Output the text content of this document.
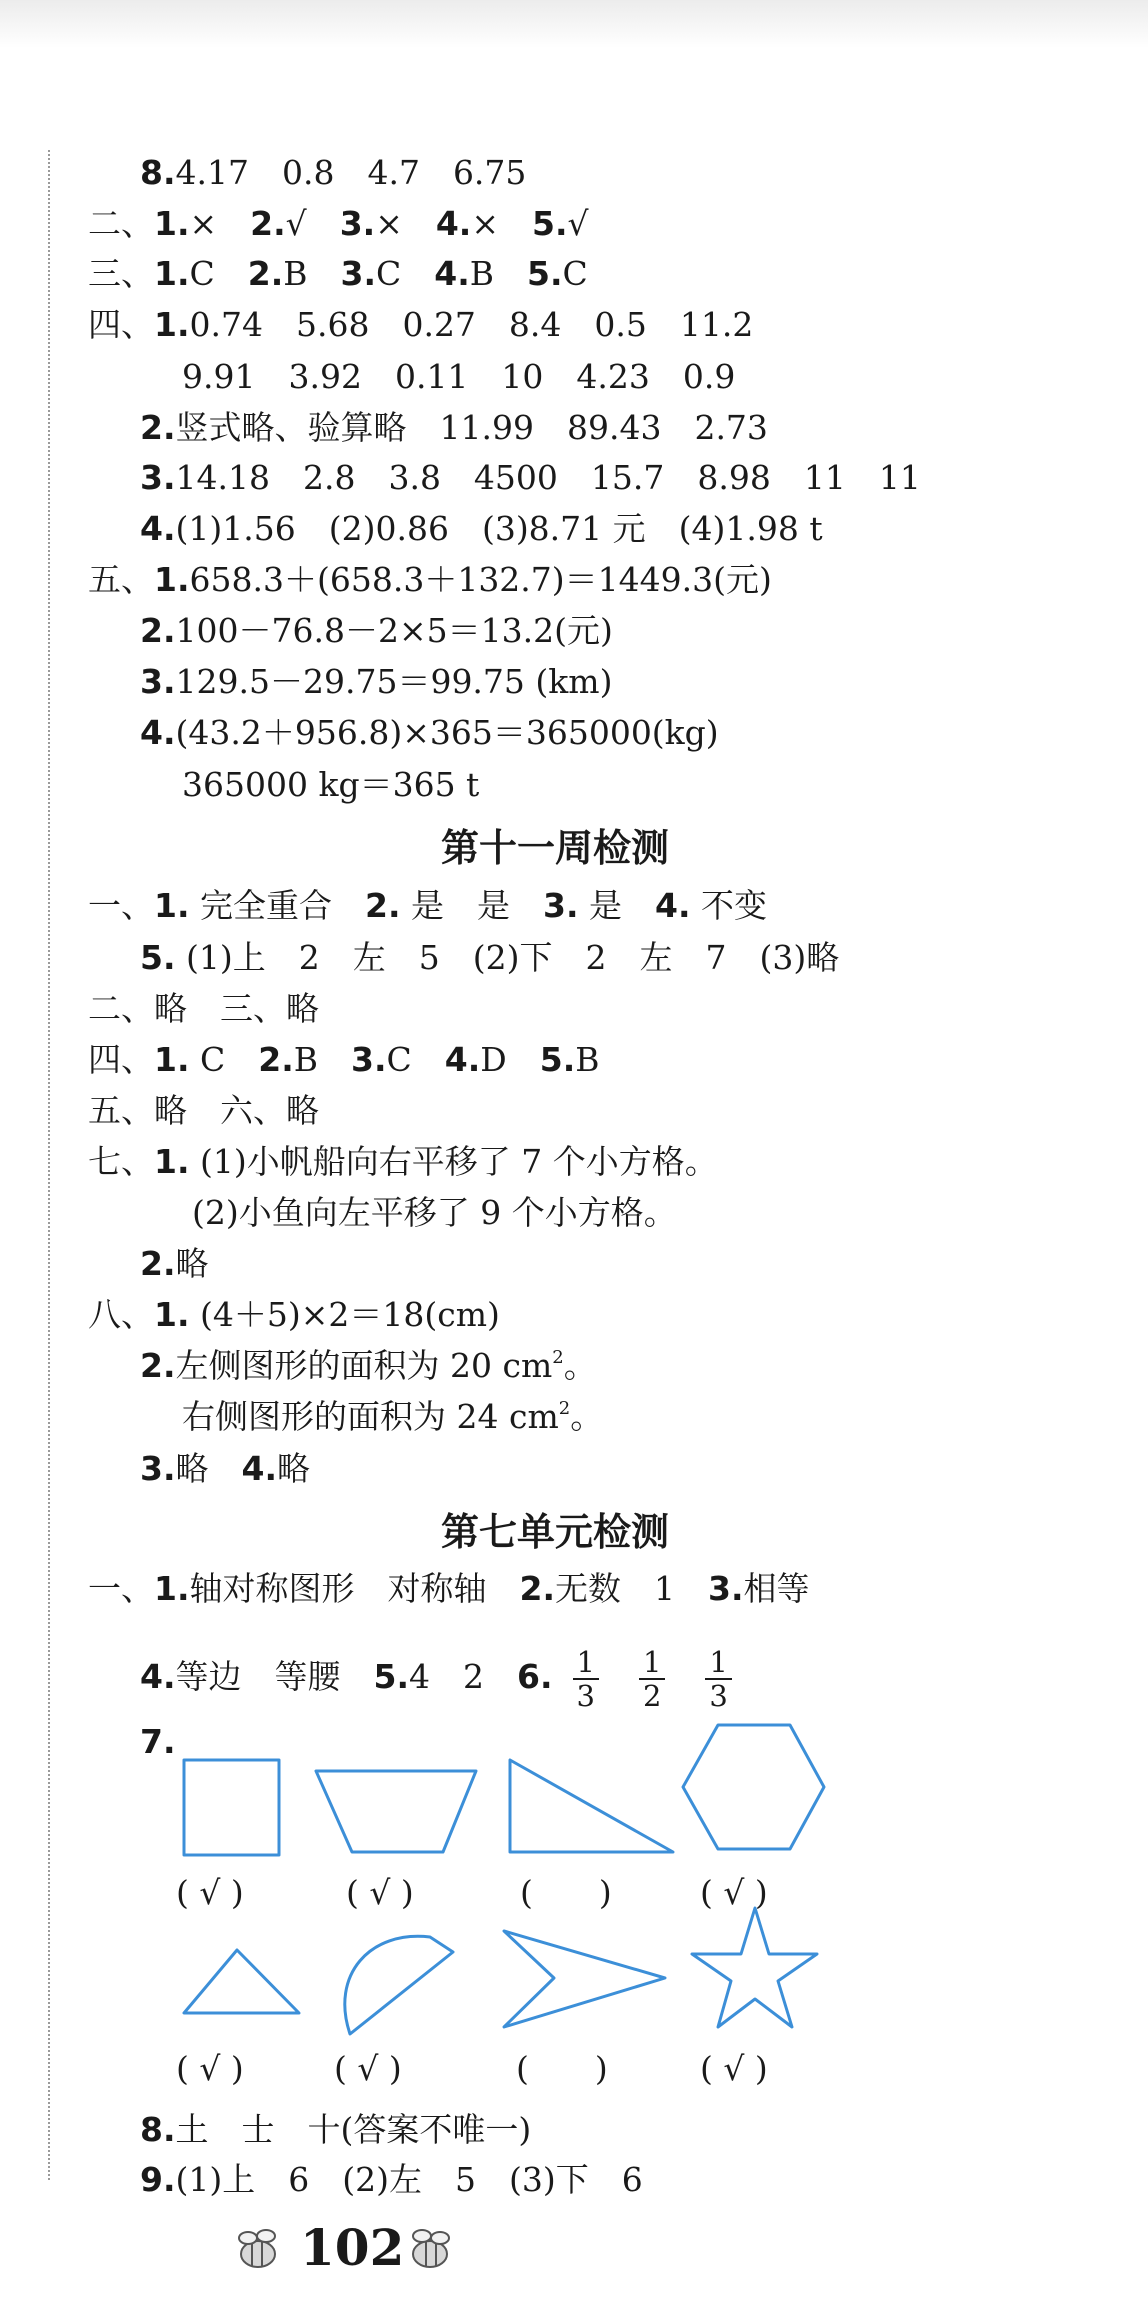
8.4.17　0.8　4.7　6.75
二、1.×　2.√　3.×　4.×　5.√
三、1.C　2.B　3.C　4.B　5.C
四、1.0.74　5.68　0.27　8.4　0.5　11.2
9.91　3.92　0.11　10　4.23　0.9
2.竖式略、验算略　11.99　89.43　2.73
3.14.18　2.8　3.8　4500　15.7　8.98　11　11
4.(1)1.56　(2)0.86　(3)8.71 元　(4)1.98 t
五、1.658.3＋(658.3＋132.7)＝1449.3(元)
2.100－76.8－2×5＝13.2(元)
3.129.5－29.75＝99.75 (km)
4.(43.2＋956.8)×365＝365000(kg)
365000 kg＝365 t
第十一周检测
一、1. 完全重合　2. 是　是　3. 是　4. 不变
5. (1)上　2　左　5　(2)下　2　左　7　(3)略
二、略　三、略
四、1. C　2.B　3.C　4.D　5.B
五、略　六、略
七、1. (1)小帆船向右平移了 7 个小方格。
(2)小鱼向左平移了 9 个小方格。
2.略
八、1. (4＋5)×2＝18(cm)
2.左侧图形的面积为 20 $cm^2$。
右侧图形的面积为 24 $cm^2$。
3.略　4.略
第七单元检测
一、1.轴对称图形　对称轴　2.无数　1　3.相等
4.等边　等腰　5.4　2　6. $\frac{1}{3} \frac{1}{2} \frac{1}{3}$
7.
( √ )	( √ )	(　　)	( √ )
( √ )	( √ )	(　　)	( √ )
8.土　士　十(答案不唯一)
9.(1)上　6　(2)左　5　(3)下　6
102
